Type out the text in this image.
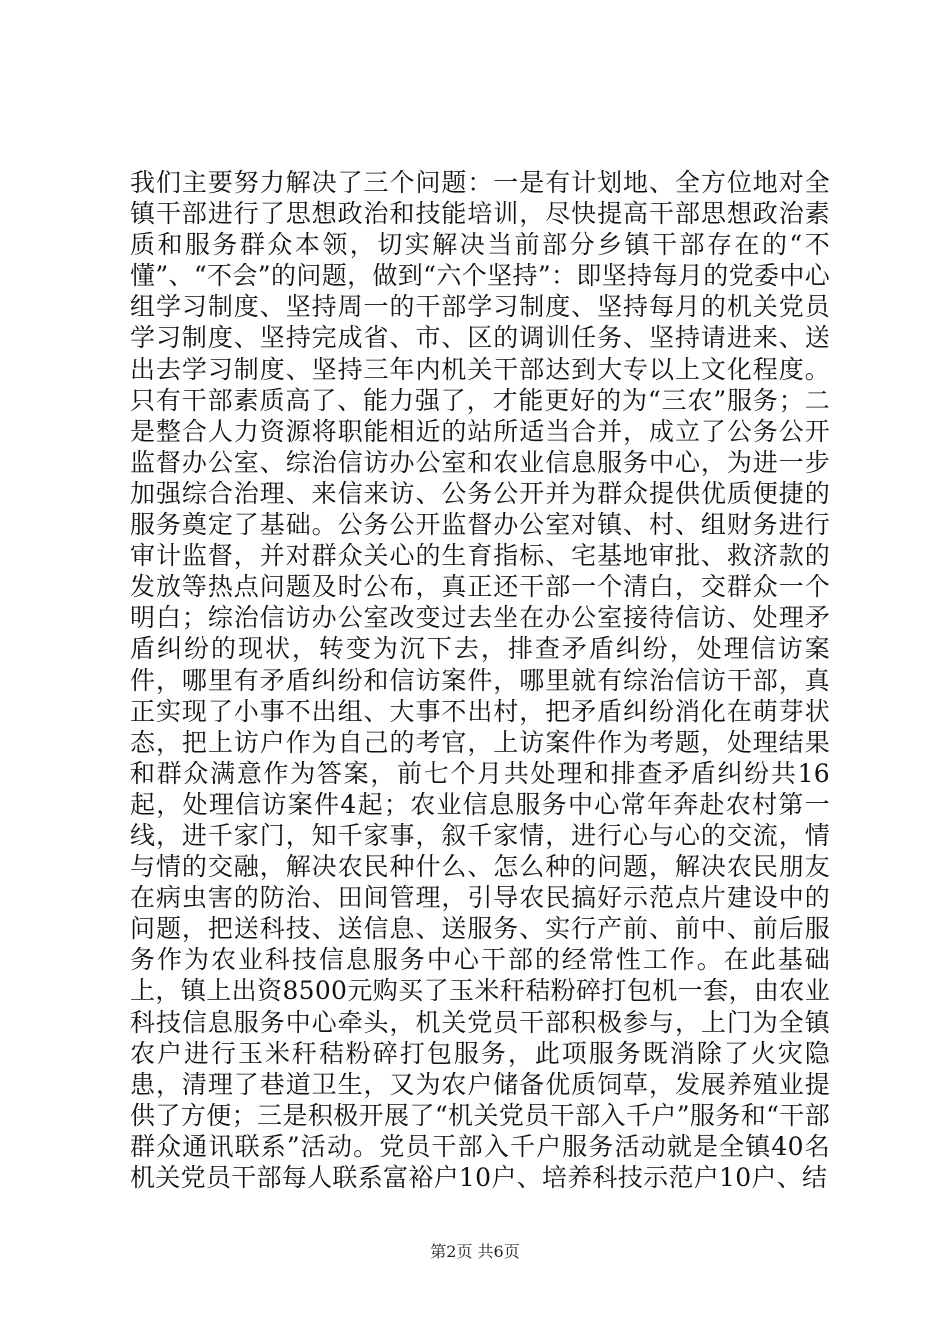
我们主要努力解决了三个问题：一是有计划地、全方位地对全镇干部进行了思想政治和技能培训，尽快提高干部思想政治素质和服务群众本领，切实解决当前部分乡镇干部存在的“不懂”、“不会”的问题，做到“六个坚持”：即坚持每月的党委中心组学习制度、坚持周一的干部学习制度、坚持每月的机关党员学习制度、坚持完成省、市、区的调训任务、坚持请进来、送出去学习制度、坚持三年内机关干部达到大专以上文化程度。只有干部素质高了、能力强了，才能更好的为“三农”服务；二是整合人力资源将职能相近的站所适当合并，成立了公务公开监督办公室、综治信访办公室和农业信息服务中心，为进一步加强综合治理、来信来访、公务公开并为群众提供优质便捷的服务奠定了基础。公务公开监督办公室对镇、村、组财务进行审计监督，并对群众关心的生育指标、宅基地审批、救济款的发放等热点问题及时公布，真正还干部一个清白，交群众一个明白；综治信访办公室改变过去坐在办公室接待信访、处理矛盾纠纷的现状，转变为沉下去，排查矛盾纠纷，处理信访案件，哪里有矛盾纠纷和信访案件，哪里就有综治信访干部，真正实现了小事不出组、大事不出村，把矛盾纠纷消化在萌芽状态，把上访户作为自己的考官，上访案件作为考题，处理结果和群众满意作为答案，前七个月共处理和排查矛盾纠纷共16起，处理信访案件4起；农业信息服务中心常年奔赴农村第一线，进千家门，知千家事，叙千家情，进行心与心的交流，情与情的交融，解决农民种什么、怎么种的问题，解决农民朋友在病虫害的防治、田间管理，引导农民搞好示范点片建设中的问题，把送科技、送信息、送服务、实行产前、前中、前后服务作为农业科技信息服务中心干部的经常性工作。在此基础上，镇上出资8500元购买了玉米秆秸粉碎打包机一套，由农业科技信息服务中心牵头，机关党员干部积极参与，上门为全镇农户进行玉米秆秸粉碎打包服务，此项服务既消除了火灾隐患，清理了巷道卫生，又为农户储备优质饲草，发展养殖业提供了方便；三是积极开展了“机关党员干部入千户”服务和“干部群众通讯联系”活动。党员干部入千户服务活动就是全镇40名机关党员干部每人联系富裕户10户、培养科技示范户10户、结

第2页 共6页
